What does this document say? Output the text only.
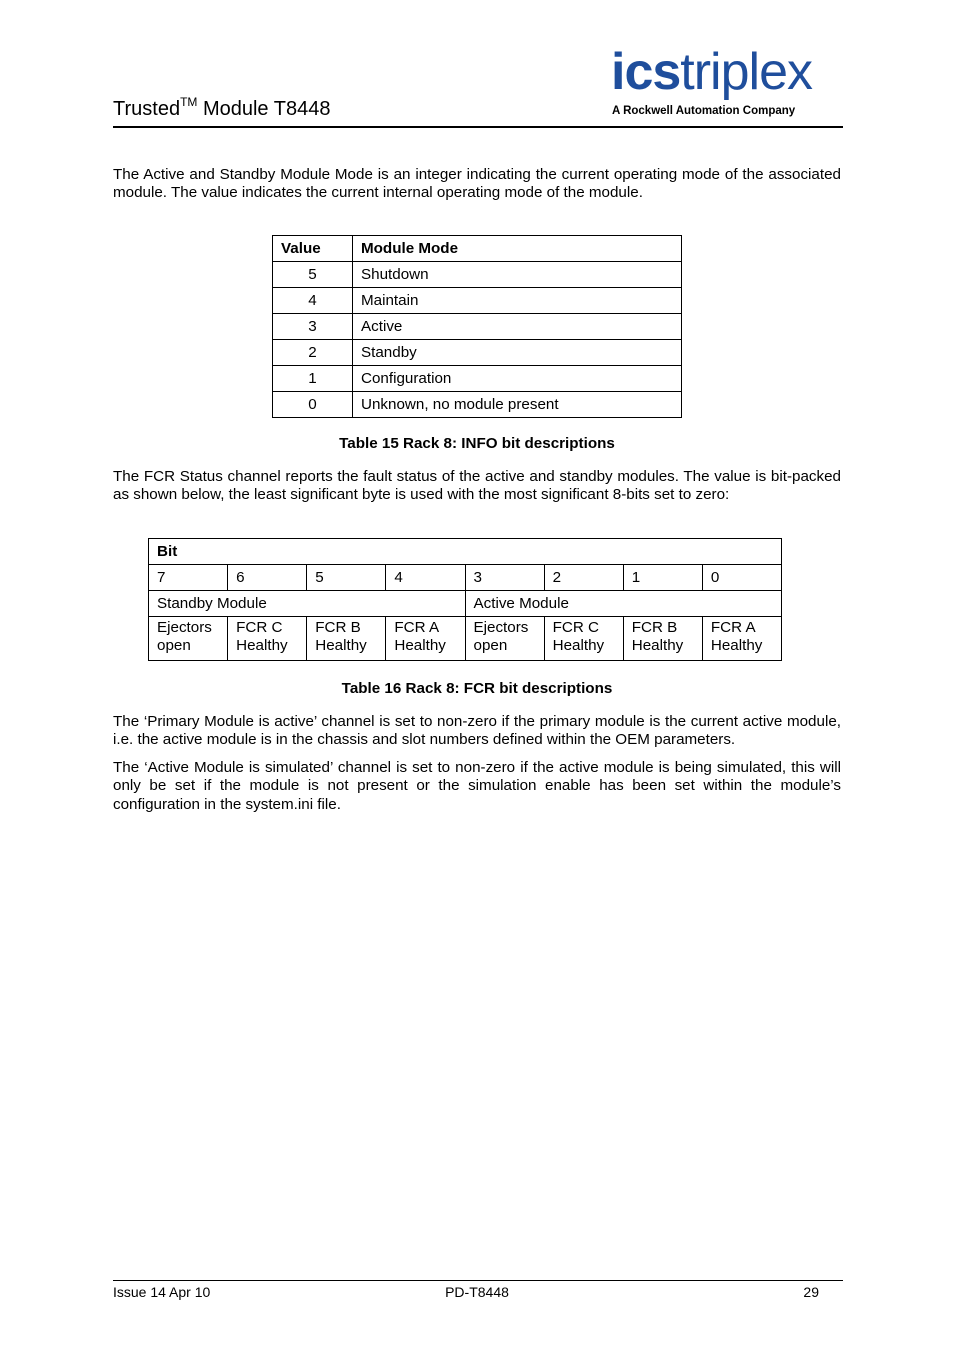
Trusted™ Module T8448
icstriplex
A Rockwell Automation Company
The Active and Standby Module Mode is an integer indicating the current operating mode of the associated module. The value indicates the current internal operating mode of the module.
Value	Module Mode
5	Shutdown
4	Maintain
3	Active
2	Standby
1	Configuration
0	Unknown, no module present
Table 15 Rack 8: INFO bit descriptions
The FCR Status channel reports the fault status of the active and standby modules. The value is bit-packed as shown below, the least significant byte is used with the most significant 8-bits set to zero:
Bit							
7	6	5	4	3	2	1	0
Standby Module				Active Module			
Ejectors open	FCR C Healthy	FCR B Healthy	FCR A Healthy	Ejectors open	FCR C Healthy	FCR B Healthy	FCR A Healthy
Table 16 Rack 8: FCR bit descriptions
The ‘Primary Module is active’ channel is set to non-zero if the primary module is the current active module, i.e. the active module is in the chassis and slot numbers defined within the OEM parameters.
The ‘Active Module is simulated’ channel is set to non-zero if the active module is being simulated, this will only be set if the module is not present or the simulation enable has been set within the module’s configuration in the system.ini file.
Issue 14 Apr 10	PD-T8448	29
